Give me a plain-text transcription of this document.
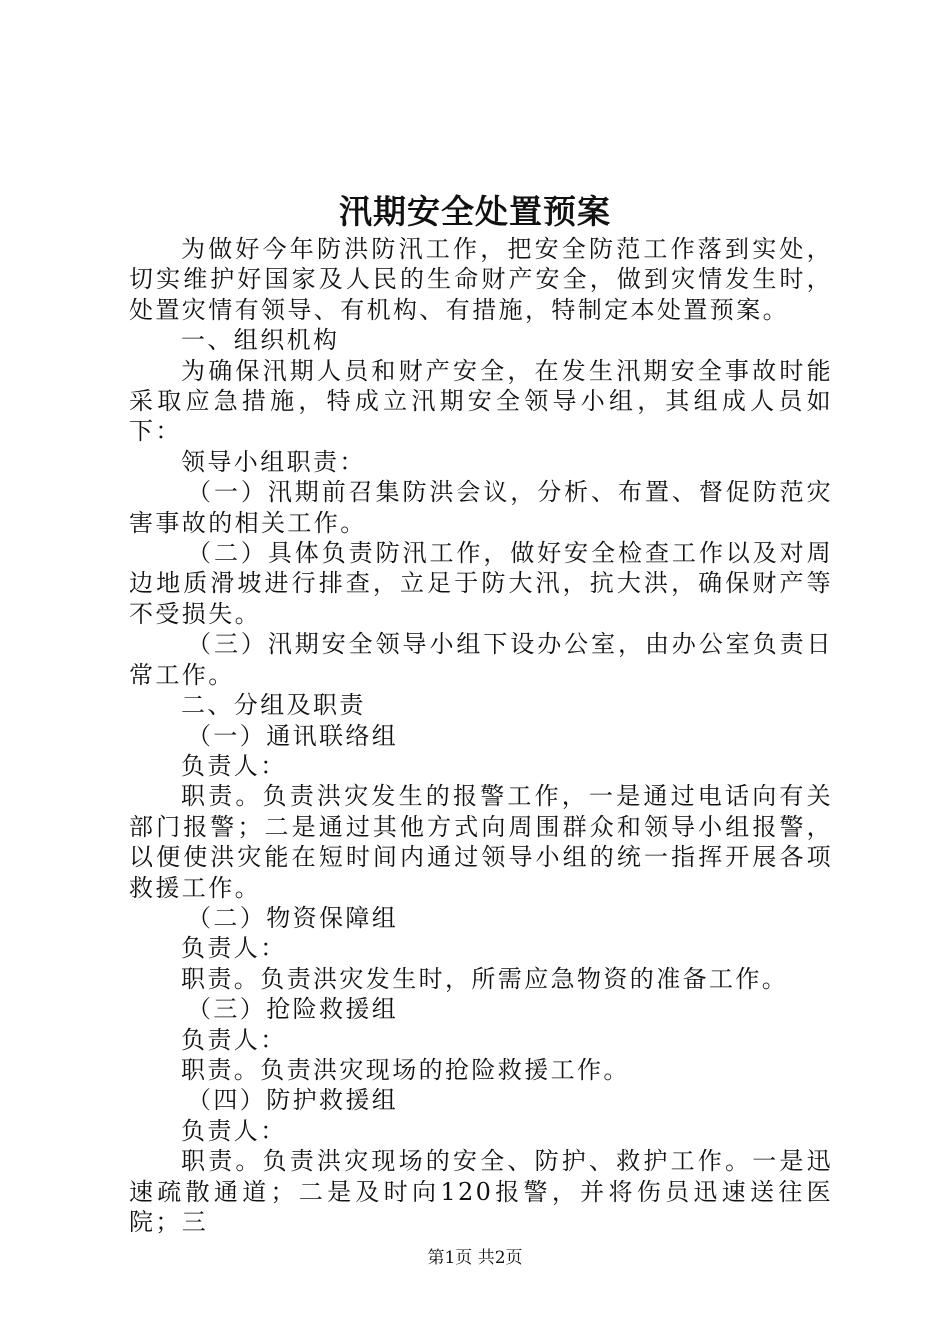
汛期安全处置预案

为做好今年防洪防汛工作，把安全防范工作落到实处，切实维护好国家及人民的生命财产安全，做到灾情发生时，处置灾情有领导、有机构、有措施，特制定本处置预案。

一、组织机构

为确保汛期人员和财产安全，在发生汛期安全事故时能采取应急措施，特成立汛期安全领导小组，其组成人员如下：

领导小组职责：

（一）汛期前召集防洪会议，分析、布置、督促防范灾害事故的相关工作。

（二）具体负责防汛工作，做好安全检查工作以及对周边地质滑坡进行排查，立足于防大汛，抗大洪，确保财产等不受损失。

（三）汛期安全领导小组下设办公室，由办公室负责日常工作。

二、分组及职责

（一）通讯联络组

负责人：

职责。负责洪灾发生的报警工作，一是通过电话向有关部门报警；二是通过其他方式向周围群众和领导小组报警，以便使洪灾能在短时间内通过领导小组的统一指挥开展各项救援工作。

（二）物资保障组

负责人：

职责。负责洪灾发生时，所需应急物资的准备工作。

（三）抢险救援组

负责人：

职责。负责洪灾现场的抢险救援工作。

（四）防护救援组

负责人：

职责。负责洪灾现场的安全、防护、救护工作。一是迅速疏散通道；二是及时向120报警，并将伤员迅速送往医院；三

第1页 共2页
